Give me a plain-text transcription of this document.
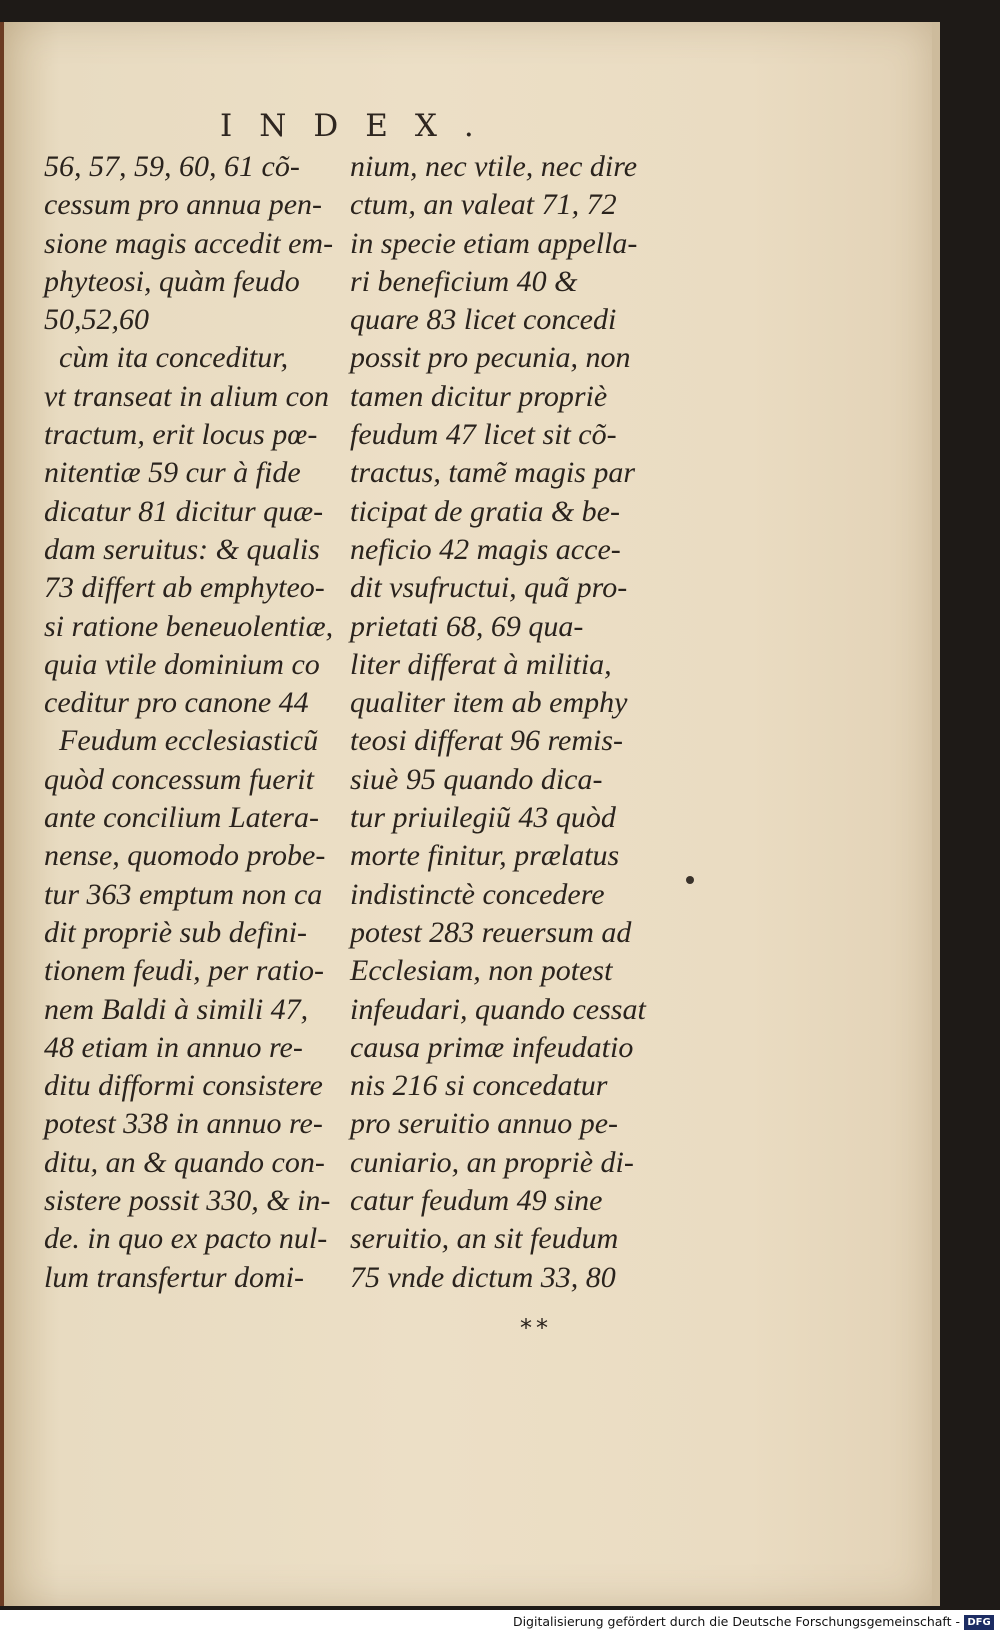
INDEX.
56, 57, 59, 60, 61 cõ-
cessum pro annua pen-
sione magis accedit em-
phyteosi, quàm feudo
50,52,60
cùm ita conceditur,
vt transeat in alium con
tractum, erit locus pœ-
nitentiæ 59 cur à fide
dicatur 81 dicitur quæ-
dam seruitus: & qualis
73 differt ab emphyteo-
si ratione beneuolentiæ,
quia vtile dominium co
ceditur pro canone 44
Feudum ecclesiasticũ
quòd concessum fuerit
ante concilium Latera-
nense, quomodo probe-
tur 363 emptum non ca
dit propriè sub defini-
tionem feudi, per ratio-
nem Baldi à simili 47,
48 etiam in annuo re-
ditu difformi consistere
potest 338 in annuo re-
ditu, an & quando con-
sistere possit 330, & in-
de. in quo ex pacto nul-
lum transfertur domi-
nium, nec vtile, nec dire
ctum, an valeat 71, 72
in specie etiam appella-
ri beneficium 40 &
quare 83 licet concedi
possit pro pecunia, non
tamen dicitur propriè
feudum 47 licet sit cõ-
tractus, tamẽ magis par
ticipat de gratia & be-
neficio 42 magis acce-
dit vsufructui, quã pro-
prietati 68, 69 qua-
liter differat à militia,
qualiter item ab emphy
teosi differat 96 remis-
siuè 95 quando dica-
tur priuilegiũ 43 quòd
morte finitur, prælatus
indistinctè concedere
potest 283 reuersum ad
Ecclesiam, non potest
infeudari, quando cessat
causa primæ infeudatio
nis 216 si concedatur
pro seruitio annuo pe-
cuniario, an propriè di-
catur feudum 49 sine
seruitio, an sit feudum
75 vnde dictum 33, 80
**
Digitalisierung gefördert durch die Deutsche Forschungsgemeinschaft - DFG
